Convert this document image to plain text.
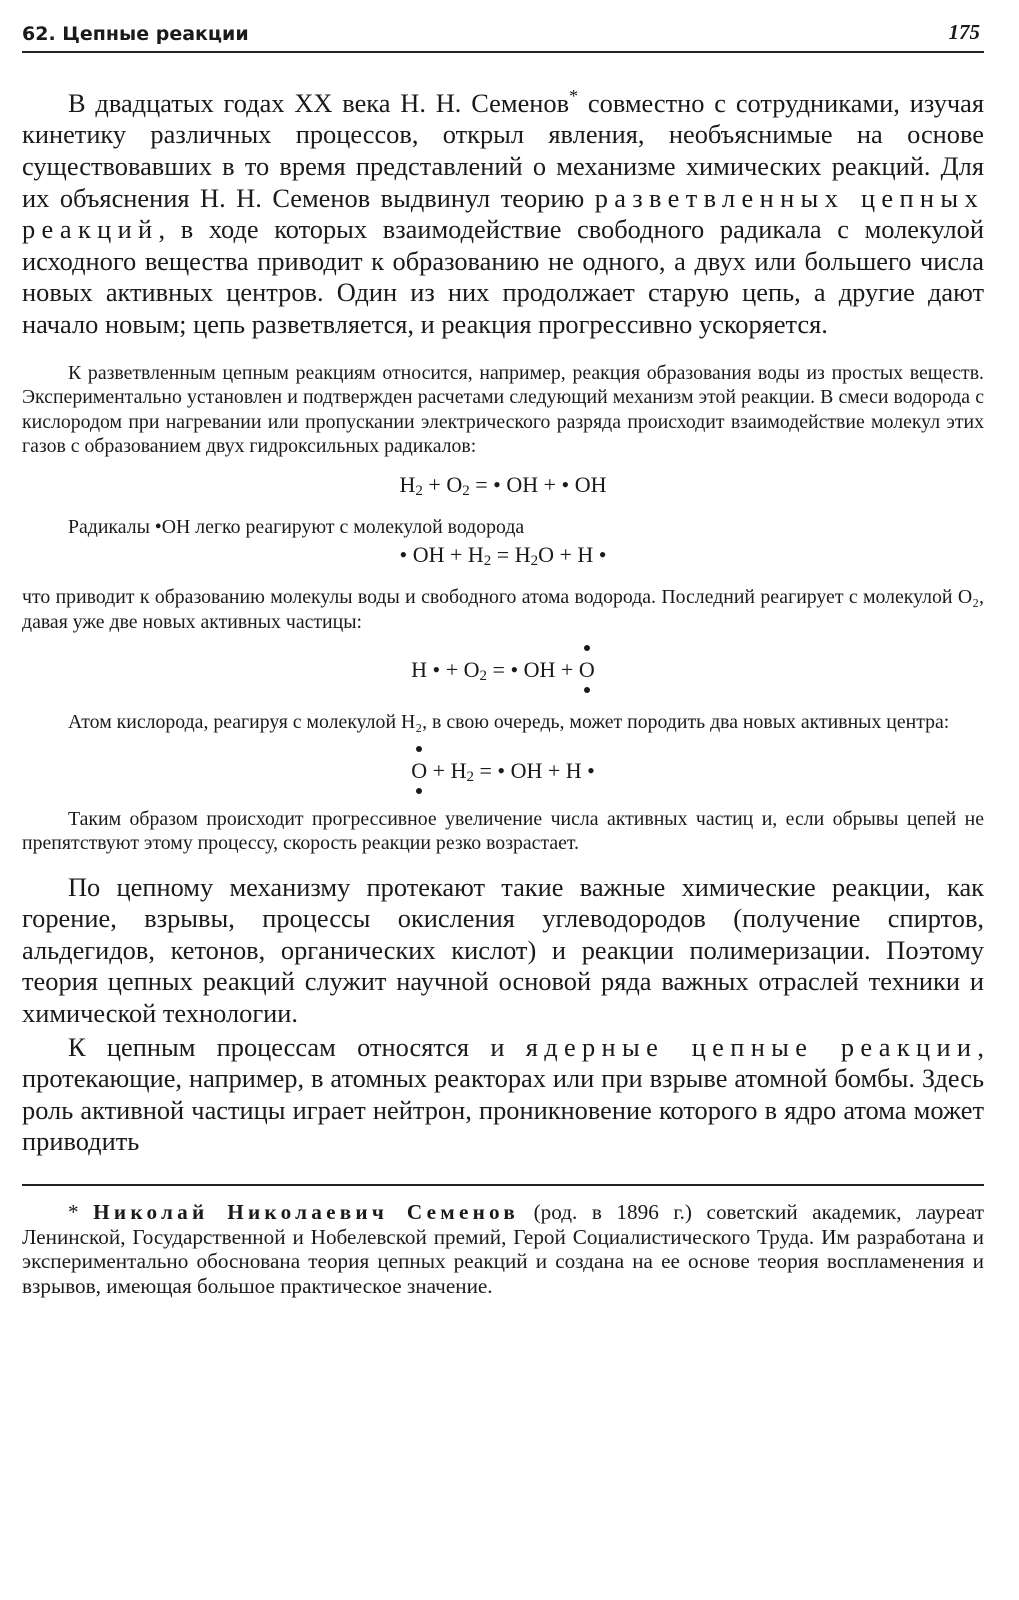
62. Цепные реакции	175

В двадцатых годах XX века Н. Н. Семенов* совместно с сотрудниками, изучая кинетику различных процессов, открыл явления, необъяснимые на основе существовавших в то время представлений о механизме химических реакций. Для их объяснения Н. Н. Семенов выдвинул теорию разветвленных цепных реакций, в ходе которых взаимодействие свободного радикала с молекулой исходного вещества приводит к образованию не одного, а двух или большего числа новых активных центров. Один из них продолжает старую цепь, а другие дают начало новым; цепь разветвляется, и реакция прогрессивно ускоряется.

К разветвленным цепным реакциям относится, например, реакция образования воды из простых веществ. Экспериментально установлен и подтвержден расчетами следующий механизм этой реакции. В смеси водорода с кислородом при нагревании или пропускании электрического разряда происходит взаимодействие молекул этих газов с образованием двух гидроксильных радикалов:

$H_2 + O_2$ = • OH + • OH

Радикалы •OH легко реагируют с молекулой водорода

• OH + $H_2 = H_2O + H$ •

что приводит к образованию молекулы воды и свободного атома водорода. Последний реагирует с молекулой O₂, давая уже две новых активных частицы:

H • + $O_2$ = • OH +
O

Атом кислорода, реагируя с молекулой H₂, в свою очередь, может породить два новых активных центра:

O
+ $H_2$ = • OH + H •

Таким образом происходит прогрессивное увеличение числа активных частиц и, если обрывы цепей не препятствуют этому процессу, скорость реакции резко возрастает.

По цепному механизму протекают такие важные химические реакции, как горение, взрывы, процессы окисления углеводородов (получение спиртов, альдегидов, кетонов, органических кислот) и реакции полимеризации. Поэтому теория цепных реакций служит научной основой ряда важных отраслей техники и химической технологии.

К цепным процессам относятся и ядерные цепные реакции, протекающие, например, в атомных реакторах или при взрыве атомной бомбы. Здесь роль активной частицы играет нейтрон, проникновение которого в ядро атома может приводить

* Николай Николаевич Семенов (род. в 1896 г.) советский академик, лауреат Ленинской, Государственной и Нобелевской премий, Герой Социалистического Труда. Им разработана и экспериментально обоснована теория цепных реакций и создана на ее основе теория воспламенения и взрывов, имеющая большое практическое значение.
